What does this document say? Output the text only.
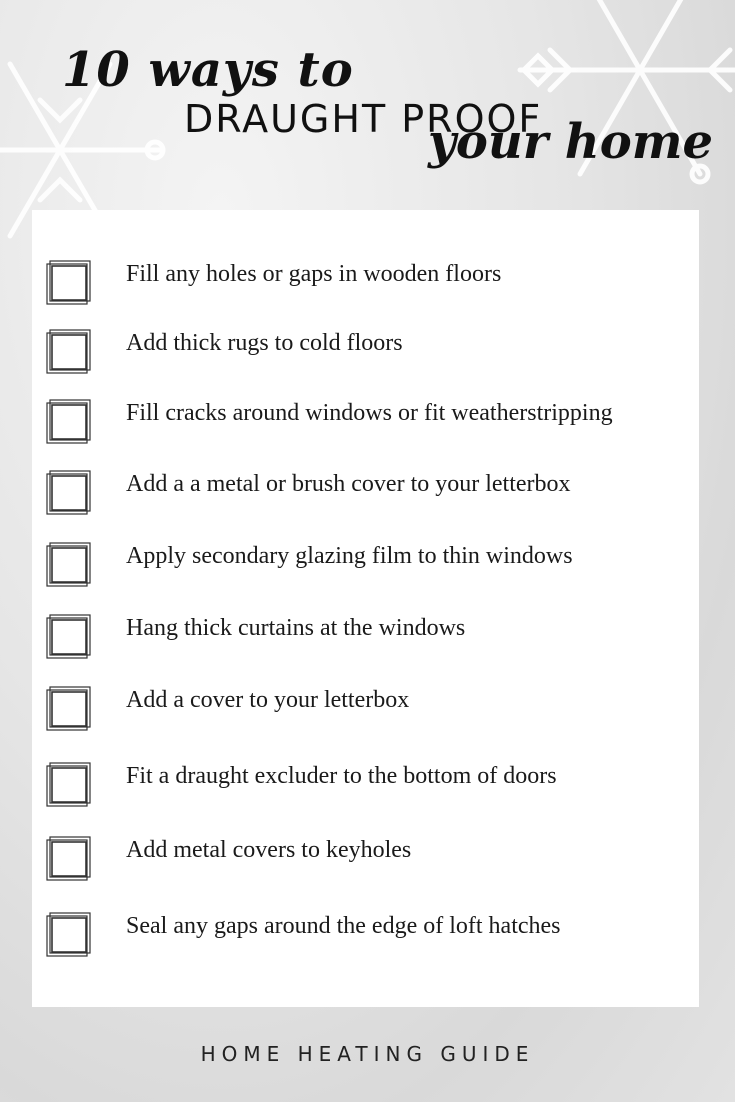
10 ways to
DRAUGHT PROOF
your home
Fill any holes or gaps in wooden floors
Add thick rugs to cold floors
Fill cracks around windows or fit weatherstripping
Add a a metal or brush cover to your letterbox
Apply secondary glazing film to thin windows
Hang thick curtains at the windows
Add a cover to your letterbox
Fit a draught excluder to the bottom of doors
Add metal covers to keyholes
Seal any gaps around the edge of loft hatches
HOME HEATING GUIDE
